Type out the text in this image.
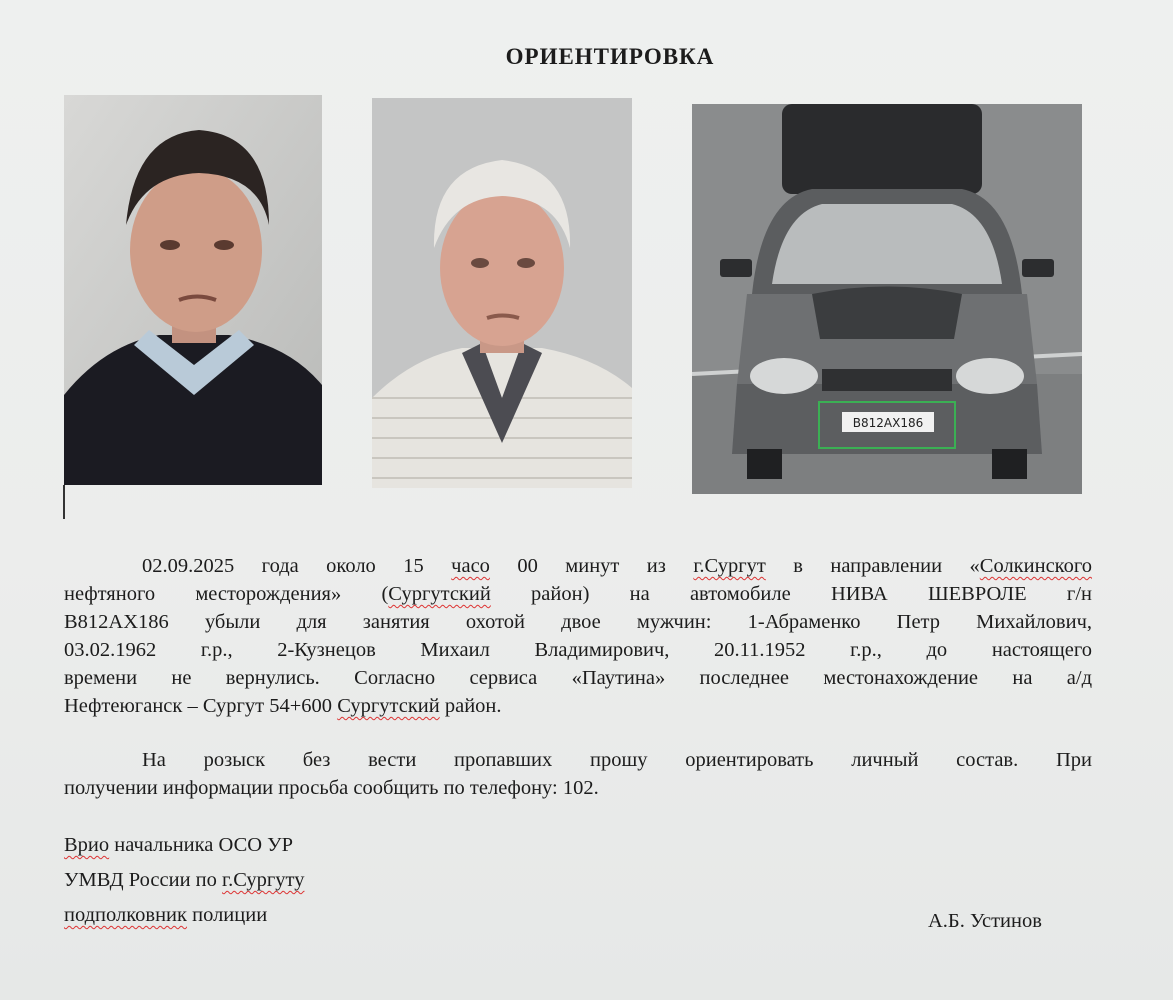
ОРИЕНТИРОВКА
В812АХ186
02.09.2025 года около 15 часо 00 минут из г.Сургут в направлении «Солкинского
нефтяного месторождения» (Сургутский район) на автомобиле НИВА ШЕВРОЛЕ г/н
В812АХ186 убыли для занятия охотой двое мужчин: 1-Абраменко Петр Михайлович,
03.02.1962 г.р., 2-Кузнецов Михаил Владимирович, 20.11.1952 г.р., до настоящего
времени не вернулись. Согласно сервиса «Паутина» последнее местонахождение на а/д
Нефтеюганск – Сургут 54+600 Сургутский район.
На розыск без вести пропавших прошу ориентировать личный состав. При
получении информации просьба сообщить по телефону: 102.
Врио начальника ОСО УР
УМВД России по г.Сургуту
подполковник полиции	А.Б. Устинов
